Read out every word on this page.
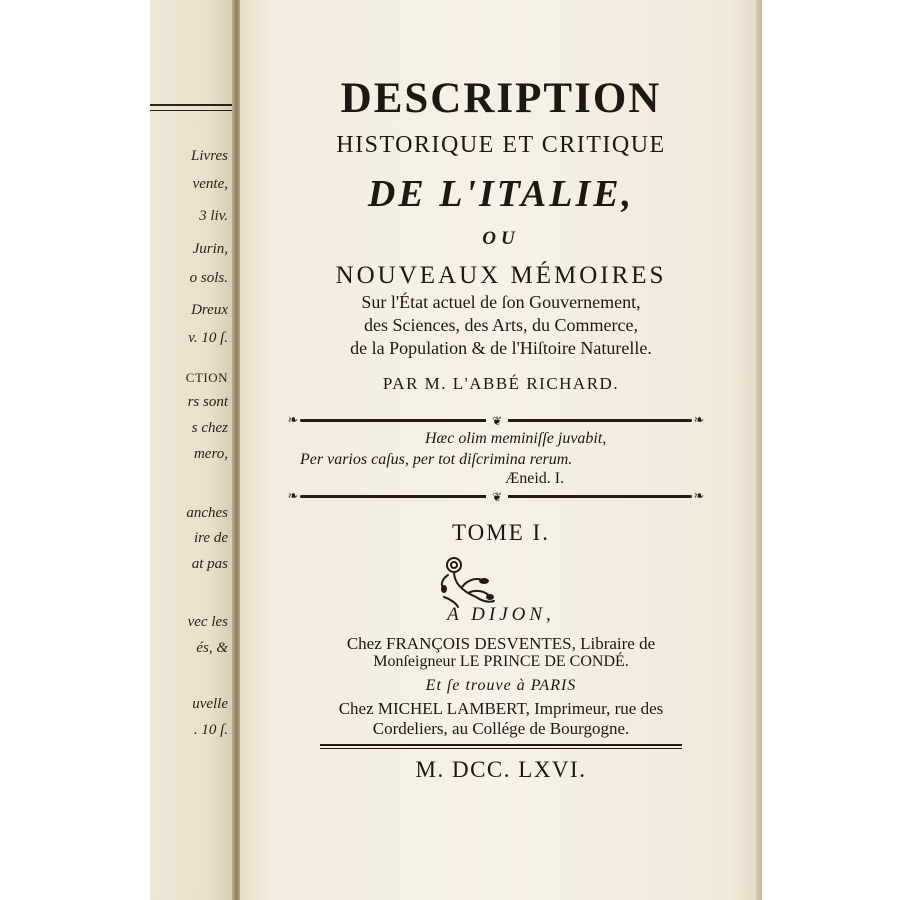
Livres
vente,
3 liv.
Jurin,
o sols.
Dreux
v. 10 ſ.
CTION
rs sont
s chez
mero,
anches
ire de
at pas
vec les
és, &
uvelle
. 10 ſ.
DESCRIPTION
HISTORIQUE ET CRITIQUE
DE L'ITALIE,
OU
NOUVEAUX MÉMOIRES
Sur l'État actuel de ſon Gouvernement,
des Sciences, des Arts, du Commerce,
de la Population & de l'Hiſtoire Naturelle.
PAR M. L'ABBÉ RICHARD.
❧	❧
❦
Hæc olim meminiſſe juvabit,
Per varios caſus, per tot diſcrimina rerum.
Æneid. I.
❧	❧
❦
TOME I.
A DIJON,
Chez FRANÇOIS DESVENTES, Libraire de
Monſeigneur LE PRINCE DE CONDÉ.
Et ſe trouve à PARIS
Chez MICHEL LAMBERT, Imprimeur, rue des
Cordeliers, au Collége de Bourgogne.
M. DCC. LXVI.
